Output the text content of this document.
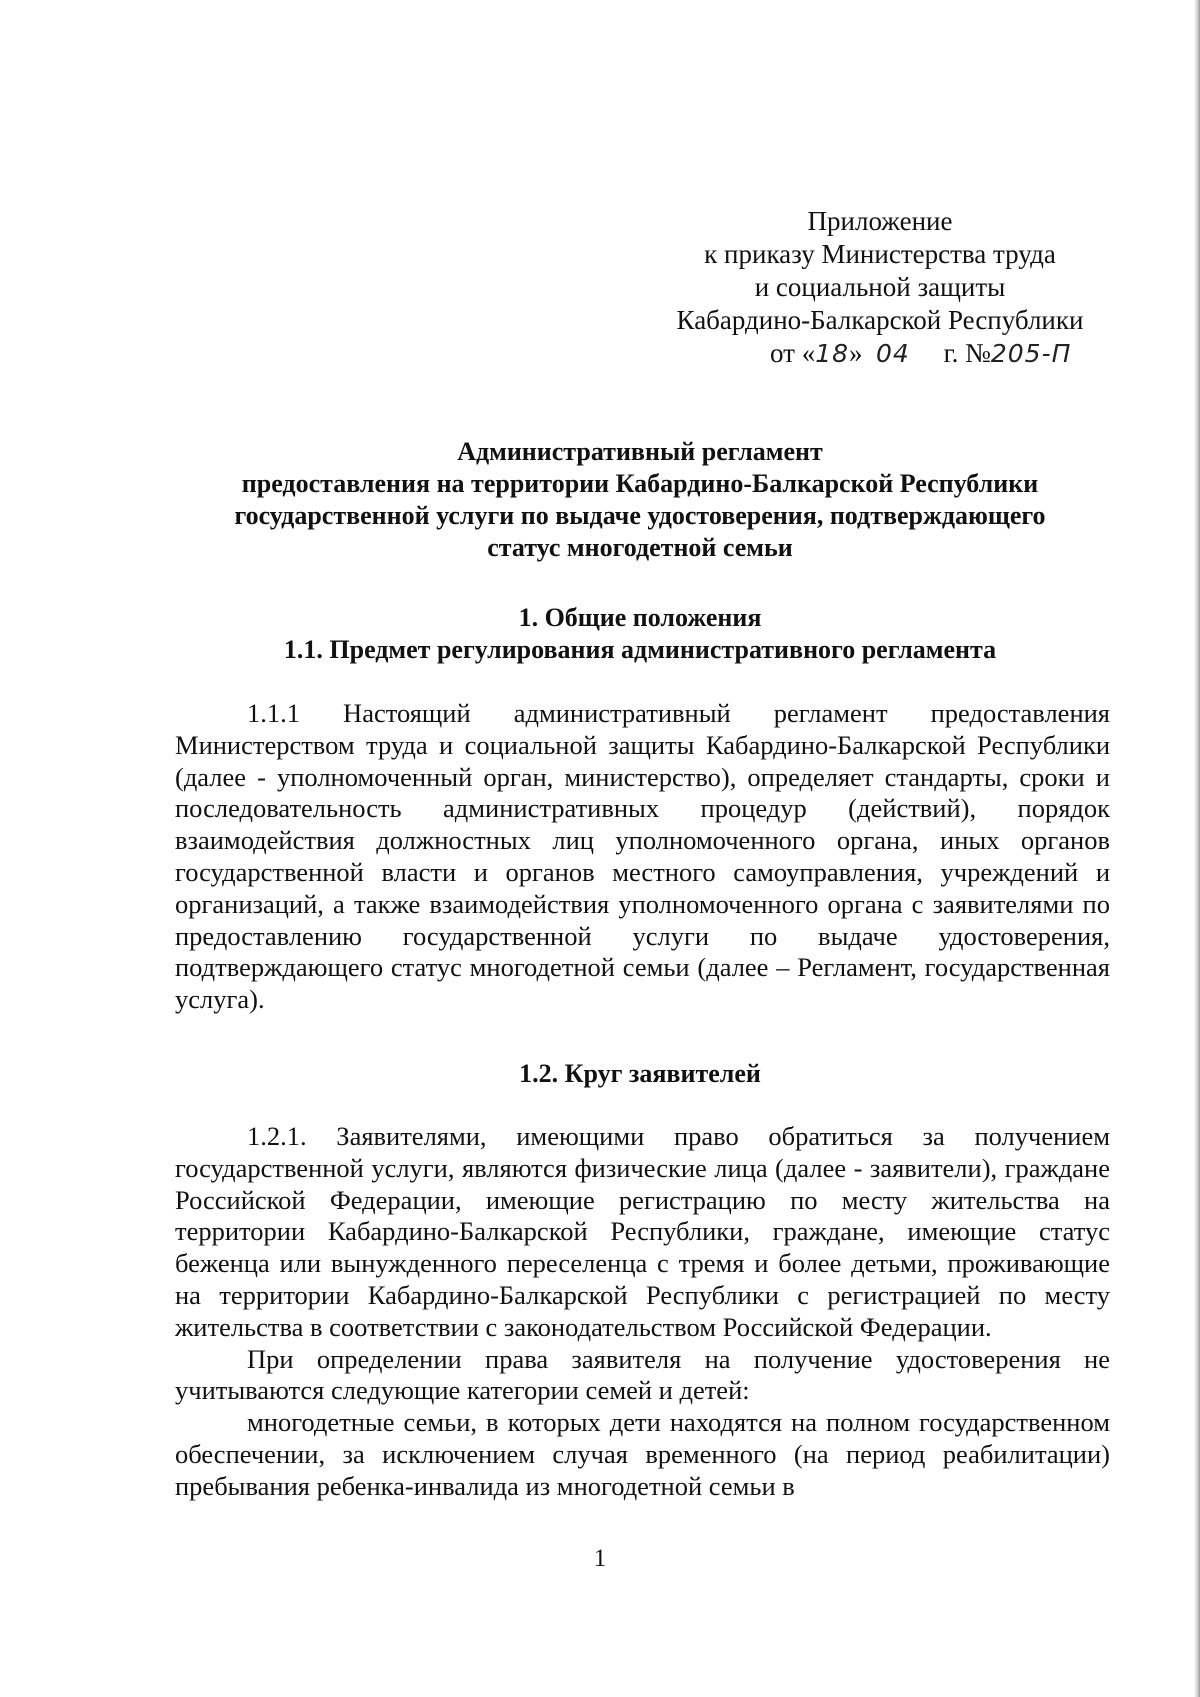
Приложение
к приказу Министерства труда
и социальной защиты
Кабардино-Балкарской Республики
от «18» 04 г. №205-П
Административный регламент
предоставления на территории Кабардино-Балкарской Республики
государственной услуги по выдаче удостоверения, подтверждающего
статус многодетной семьи
1. Общие положения
1.1. Предмет регулирования административного регламента

1.1.1 Настоящий административный регламент предоставления Министерством труда и социальной защиты Кабардино-Балкарской Республики (далее - уполномоченный орган, министерство), определяет стандарты, сроки и последовательность административных процедур (действий), порядок взаимодействия должностных лиц уполномоченного органа, иных органов государственной власти и органов местного самоуправления, учреждений и организаций, а также взаимодействия уполномоченного органа с заявителями по предоставлению государственной услуги по выдаче удостоверения, подтверждающего статус многодетной семьи (далее – Регламент, государственная услуга).

1.2. Круг заявителей

1.2.1. Заявителями, имеющими право обратиться за получением государственной услуги, являются физические лица (далее - заявители), граждане Российской Федерации, имеющие регистрацию по месту жительства на территории Кабардино-Балкарской Республики, граждане, имеющие статус беженца или вынужденного переселенца с тремя и более детьми, проживающие на территории Кабардино-Балкарской Республики с регистрацией по месту жительства в соответствии с законодательством Российской Федерации.

При определении права заявителя на получение удостоверения не учитываются следующие категории семей и детей:

многодетные семьи, в которых дети находятся на полном государственном обеспечении, за исключением случая временного (на период реабилитации) пребывания ребенка-инвалида из многодетной семьи в

1
